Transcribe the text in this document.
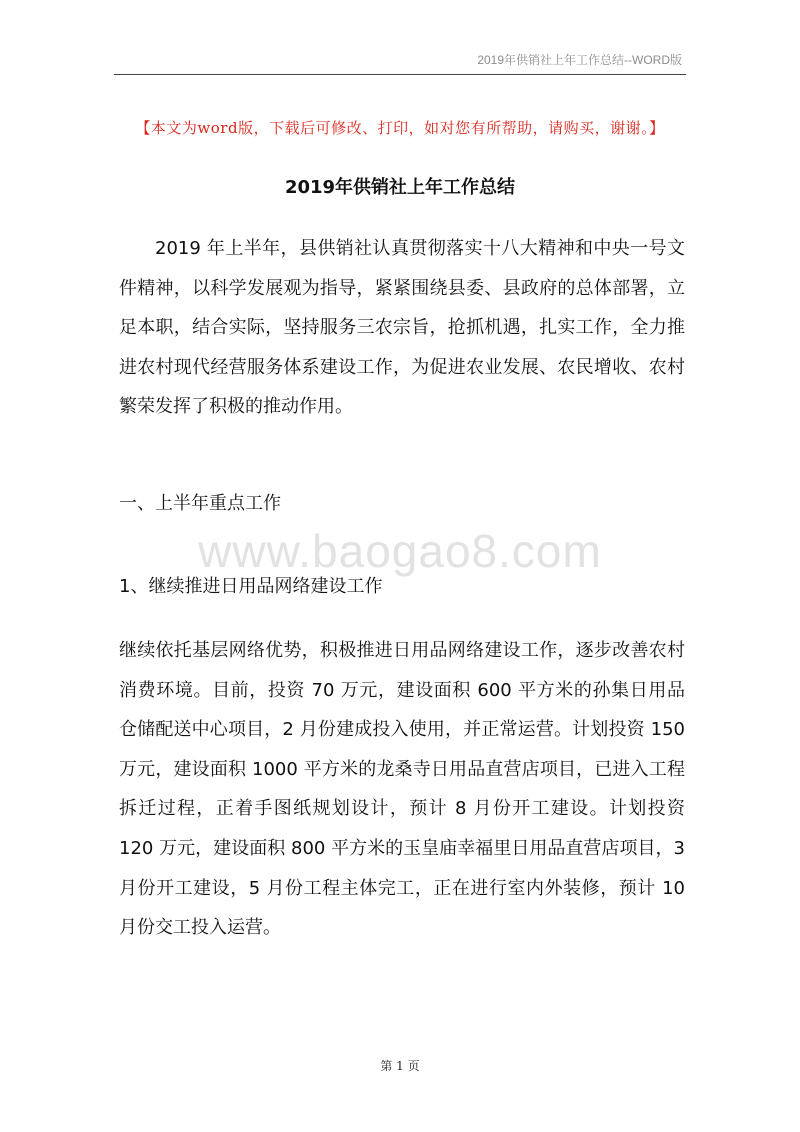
2019年供销社上年工作总结--WORD版
【本文为word版，下载后可修改、打印，如对您有所帮助，请购买，谢谢。】
2019年供销社上年工作总结
2019 年上半年，县供销社认真贯彻落实十八大精神和中央一号文件精神，以科学发展观为指导，紧紧围绕县委、县政府的总体部署，立足本职，结合实际，坚持服务三农宗旨，抢抓机遇，扎实工作，全力推进农村现代经营服务体系建设工作，为促进农业发展、农民增收、农村繁荣发挥了积极的推动作用。
一、上半年重点工作
www.baogao8.com
1、继续推进日用品网络建设工作
继续依托基层网络优势，积极推进日用品网络建设工作，逐步改善农村消费环境。目前，投资 70 万元，建设面积 600 平方米的孙集日用品仓储配送中心项目，2 月份建成投入使用，并正常运营。计划投资 150 万元，建设面积 1000 平方米的龙桑寺日用品直营店项目，已进入工程拆迁过程，正着手图纸规划设计，预计 8 月份开工建设。计划投资 120 万元，建设面积 800 平方米的玉皇庙幸福里日用品直营店项目，3 月份开工建设，5 月份工程主体完工，正在进行室内外装修，预计 10 月份交工投入运营。
第 1 页
